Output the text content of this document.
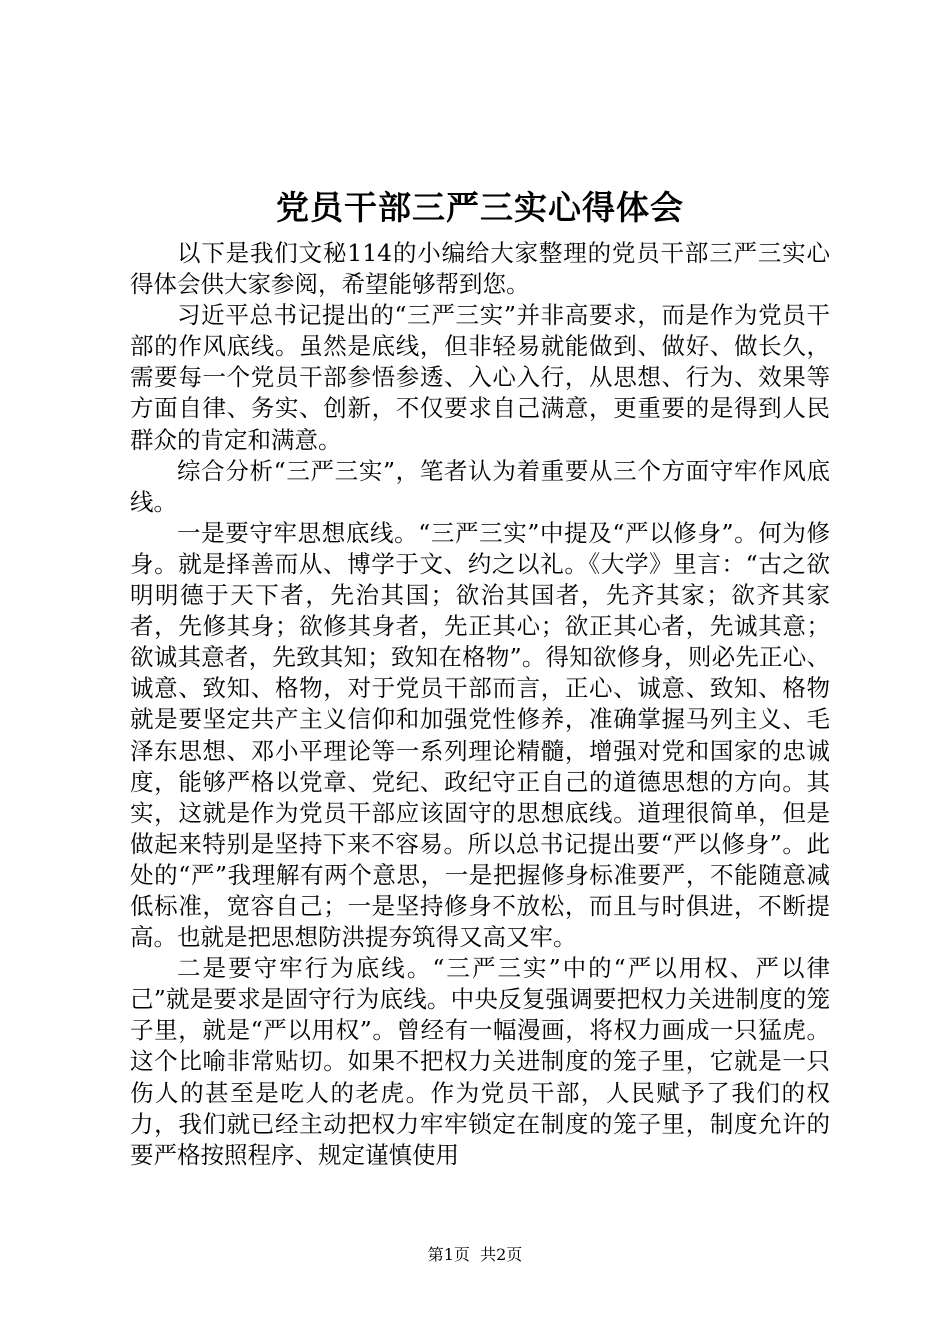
党员干部三严三实心得体会

以下是我们文秘114的小编给大家整理的党员干部三严三实心得体会供大家参阅，希望能够帮到您。

习近平总书记提出的“三严三实”并非高要求，而是作为党员干部的作风底线。虽然是底线，但非轻易就能做到、做好、做长久，需要每一个党员干部参悟参透、入心入行，从思想、行为、效果等方面自律、务实、创新，不仅要求自己满意，更重要的是得到人民群众的肯定和满意。

综合分析“三严三实”，笔者认为着重要从三个方面守牢作风底线。

一是要守牢思想底线。“三严三实”中提及“严以修身”。何为修身。就是择善而从、博学于文、约之以礼。《大学》里言：“古之欲明明德于天下者，先治其国；欲治其国者，先齐其家；欲齐其家者，先修其身；欲修其身者，先正其心；欲正其心者，先诚其意；欲诚其意者，先致其知；致知在格物”。得知欲修身，则必先正心、诚意、致知、格物，对于党员干部而言，正心、诚意、致知、格物就是要坚定共产主义信仰和加强党性修养，准确掌握马列主义、毛泽东思想、邓小平理论等一系列理论精髓，增强对党和国家的忠诚度，能够严格以党章、党纪、政纪守正自己的道德思想的方向。其实，这就是作为党员干部应该固守的思想底线。道理很简单，但是做起来特别是坚持下来不容易。所以总书记提出要“严以修身”。此处的“严”我理解有两个意思，一是把握修身标准要严，不能随意减低标准，宽容自己；一是坚持修身不放松，而且与时俱进，不断提高。也就是把思想防洪提夯筑得又高又牢。

二是要守牢行为底线。“三严三实”中的“严以用权、严以律己”就是要求是固守行为底线。中央反复强调要把权力关进制度的笼子里，就是“严以用权”。曾经有一幅漫画，将权力画成一只猛虎。这个比喻非常贴切。如果不把权力关进制度的笼子里，它就是一只伤人的甚至是吃人的老虎。作为党员干部，人民赋予了我们的权力，我们就已经主动把权力牢牢锁定在制度的笼子里，制度允许的要严格按照程序、规定谨慎使用

第1页  共2页
